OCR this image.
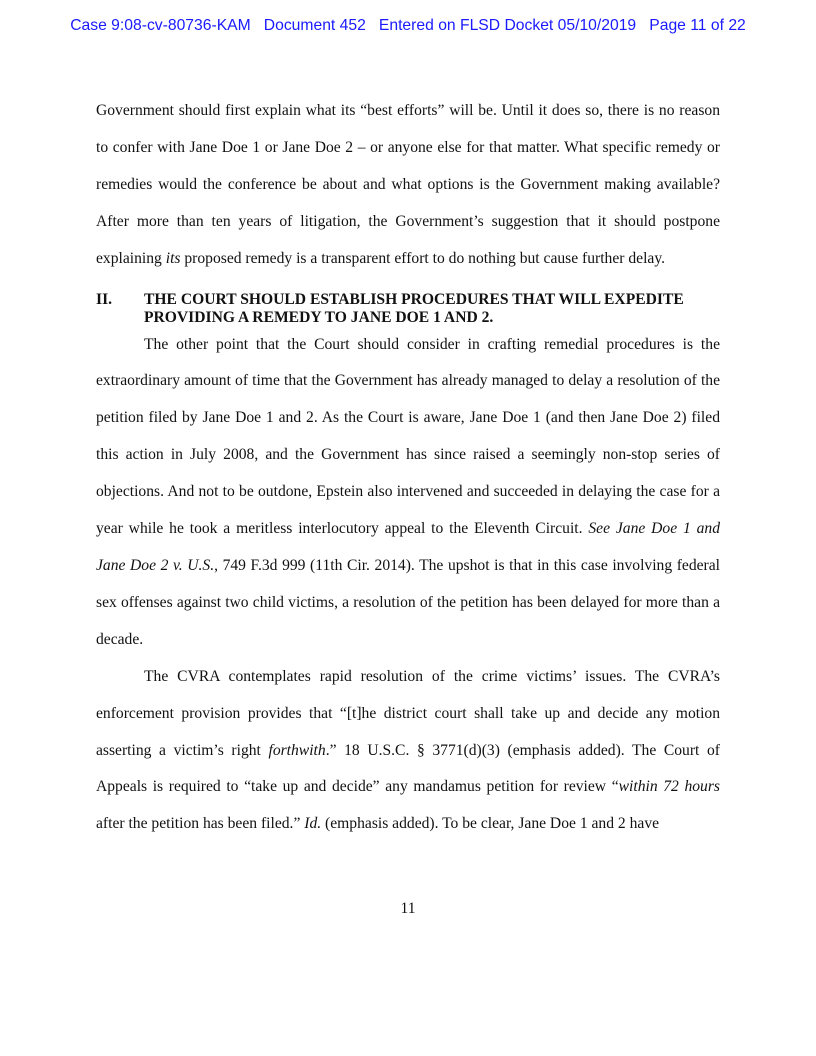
Case 9:08-cv-80736-KAM Document 452 Entered on FLSD Docket 05/10/2019 Page 11 of 22

Government should first explain what its “best efforts” will be. Until it does so, there is no reason to confer with Jane Doe 1 or Jane Doe 2 – or anyone else for that matter. What specific remedy or remedies would the conference be about and what options is the Government making available? After more than ten years of litigation, the Government’s suggestion that it should postpone explaining its proposed remedy is a transparent effort to do nothing but cause further delay.

II.	THE COURT SHOULD ESTABLISH PROCEDURES THAT WILL EXPEDITE PROVIDING A REMEDY TO JANE DOE 1 AND 2.

The other point that the Court should consider in crafting remedial procedures is the extraordinary amount of time that the Government has already managed to delay a resolution of the petition filed by Jane Doe 1 and 2. As the Court is aware, Jane Doe 1 (and then Jane Doe 2) filed this action in July 2008, and the Government has since raised a seemingly non-stop series of objections. And not to be outdone, Epstein also intervened and succeeded in delaying the case for a year while he took a meritless interlocutory appeal to the Eleventh Circuit. See Jane Doe 1 and Jane Doe 2 v. U.S., 749 F.3d 999 (11th Cir. 2014). The upshot is that in this case involving federal sex offenses against two child victims, a resolution of the petition has been delayed for more than a decade.

The CVRA contemplates rapid resolution of the crime victims’ issues. The CVRA’s enforcement provision provides that “[t]he district court shall take up and decide any motion asserting a victim’s right forthwith.” 18 U.S.C. § 3771(d)(3) (emphasis added). The Court of Appeals is required to “take up and decide” any mandamus petition for review “within 72 hours after the petition has been filed.” Id. (emphasis added). To be clear, Jane Doe 1 and 2 have

11
